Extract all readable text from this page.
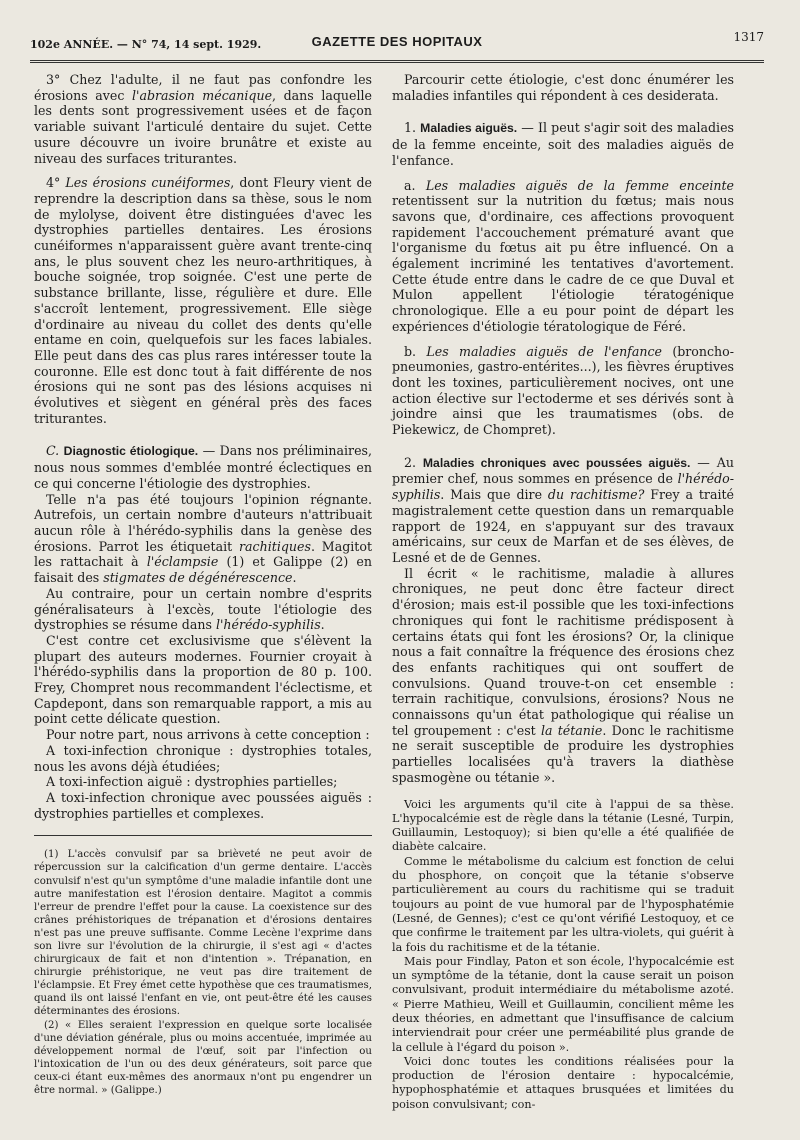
102e ANNÉE. — N° 74, 14 sept. 1929.	GAZETTE DES HOPITAUX	1317

3° Chez l'adulte, il ne faut pas confondre les érosions avec l'abrasion mécanique, dans laquelle les dents sont progressivement usées et de façon variable suivant l'articulé dentaire du sujet. Cette usure découvre un ivoire brunâtre et existe au niveau des surfaces triturantes.

4° Les érosions cunéiformes, dont Fleury vient de reprendre la description dans sa thèse, sous le nom de mylolyse, doivent être distinguées d'avec les dystrophies partielles dentaires. Les érosions cunéiformes n'apparaissent guère avant trente-cinq ans, le plus souvent chez les neuro-arthritiques, à bouche soignée, trop soignée. C'est une perte de substance brillante, lisse, régulière et dure. Elle s'accroît lentement, progressivement. Elle siège d'ordinaire au niveau du collet des dents qu'elle entame en coin, quelquefois sur les faces labiales. Elle peut dans des cas plus rares intéresser toute la couronne. Elle est donc tout à fait différente de nos érosions qui ne sont pas des lésions acquises ni évolutives et siègent en général près des faces triturantes.

C. Diagnostic étiologique. — Dans nos préliminaires, nous nous sommes d'emblée montré éclectiques en ce qui concerne l'étiologie des dystrophies.

Telle n'a pas été toujours l'opinion régnante. Autrefois, un certain nombre d'auteurs n'attribuait aucun rôle à l'hérédo-syphilis dans la genèse des érosions. Parrot les étiquetait rachitiques. Magitot les rattachait à l'éclampsie (1) et Galippe (2) en faisait des stigmates de dégénérescence.

Au contraire, pour un certain nombre d'esprits généralisateurs à l'excès, toute l'étiologie des dystrophies se résume dans l'hérédo-syphilis.

C'est contre cet exclusivisme que s'élèvent la plupart des auteurs modernes. Fournier croyait à l'hérédo-syphilis dans la proportion de 80 p. 100. Frey, Chompret nous recommandent l'éclectisme, et Capdepont, dans son remarquable rapport, a mis au point cette délicate question.

Pour notre part, nous arrivons à cette conception :

A toxi-infection chronique : dystrophies totales, nous les avons déjà étudiées;

A toxi-infection aiguë : dystrophies partielles;

A toxi-infection chronique avec poussées aiguës : dystrophies partielles et complexes.

(1) L'accès convulsif par sa brièveté ne peut avoir de répercussion sur la calcification d'un germe dentaire. L'accès convulsif n'est qu'un symptôme d'une maladie infantile dont une autre manifestation est l'érosion dentaire. Magitot a commis l'erreur de prendre l'effet pour la cause. La coexistence sur des crânes préhistoriques de trépanation et d'érosions dentaires n'est pas une preuve suffisante. Comme Lecène l'exprime dans son livre sur l'évolution de la chirurgie, il s'est agi « d'actes chirurgicaux de fait et non d'intention ». Trépanation, en chirurgie préhistorique, ne veut pas dire traitement de l'éclampsie. Et Frey émet cette hypothèse que ces traumatismes, quand ils ont laissé l'enfant en vie, ont peut-être été les causes déterminantes des érosions.

(2) « Elles seraient l'expression en quelque sorte localisée d'une déviation générale, plus ou moins accentuée, imprimée au développement normal de l'œuf, soit par l'infection ou l'intoxication de l'un ou des deux générateurs, soit parce que ceux-ci étant eux-mêmes des anormaux n'ont pu engendrer un être normal. » (Galippe.)

Parcourir cette étiologie, c'est donc énumérer les maladies infantiles qui répondent à ces desiderata.

1. Maladies aiguës. — Il peut s'agir soit des maladies de la femme enceinte, soit des maladies aiguës de l'enfance.

a. Les maladies aiguës de la femme enceinte retentissent sur la nutrition du fœtus; mais nous savons que, d'ordinaire, ces affections provoquent rapidement l'accouchement prématuré avant que l'organisme du fœtus ait pu être influencé. On a également incriminé les tentatives d'avortement. Cette étude entre dans le cadre de ce que Duval et Mulon appellent l'étiologie tératogénique chronologique. Elle a eu pour point de départ les expériences d'étiologie tératologique de Féré.

b. Les maladies aiguës de l'enfance (broncho-pneumonies, gastro-entérites...), les fièvres éruptives dont les toxines, particulièrement nocives, ont une action élective sur l'ectoderme et ses dérivés sont à joindre ainsi que les traumatismes (obs. de Piekewicz, de Chompret).

2. Maladies chroniques avec poussées aiguës. — Au premier chef, nous sommes en présence de l'hérédo-syphilis. Mais que dire du rachitisme? Frey a traité magistralement cette question dans un remarquable rapport de 1924, en s'appuyant sur des travaux américains, sur ceux de Marfan et de ses élèves, de Lesné et de de Gennes.

Il écrit « le rachitisme, maladie à allures chroniques, ne peut donc être facteur direct d'érosion; mais est-il possible que les toxi-infections chroniques qui font le rachitisme prédisposent à certains états qui font les érosions? Or, la clinique nous a fait connaître la fréquence des érosions chez des enfants rachitiques qui ont souffert de convulsions. Quand trouve-t-on cet ensemble : terrain rachitique, convulsions, érosions? Nous ne connaissons qu'un état pathologique qui réalise un tel groupement : c'est la tétanie. Donc le rachitisme ne serait susceptible de produire les dystrophies partielles localisées qu'à travers la diathèse spasmogène ou tétanie ».

Voici les arguments qu'il cite à l'appui de sa thèse. L'hypocalcémie est de règle dans la tétanie (Lesné, Turpin, Guillaumin, Lestoquoy); si bien qu'elle a été qualifiée de diabète calcaire.

Comme le métabolisme du calcium est fonction de celui du phosphore, on conçoit que la tétanie s'observe particulièrement au cours du rachitisme qui se traduit toujours au point de vue humoral par de l'hyposphatémie (Lesné, de Gennes); c'est ce qu'ont vérifié Lestoquoy, et ce que confirme le traitement par les ultra-violets, qui guérit à la fois du rachitisme et de la tétanie.

Mais pour Findlay, Paton et son école, l'hypocalcémie est un symptôme de la tétanie, dont la cause serait un poison convulsivant, produit intermédiaire du métabolisme azoté. « Pierre Mathieu, Weill et Guillaumin, concilient même les deux théories, en admettant que l'insuffisance de calcium interviendrait pour créer une perméabilité plus grande de la cellule à l'égard du poison ».

Voici donc toutes les conditions réalisées pour la production de l'érosion dentaire : hypocalcémie, hypophosphatémie et attaques brusquées et limitées du poison convulsivant; con-
